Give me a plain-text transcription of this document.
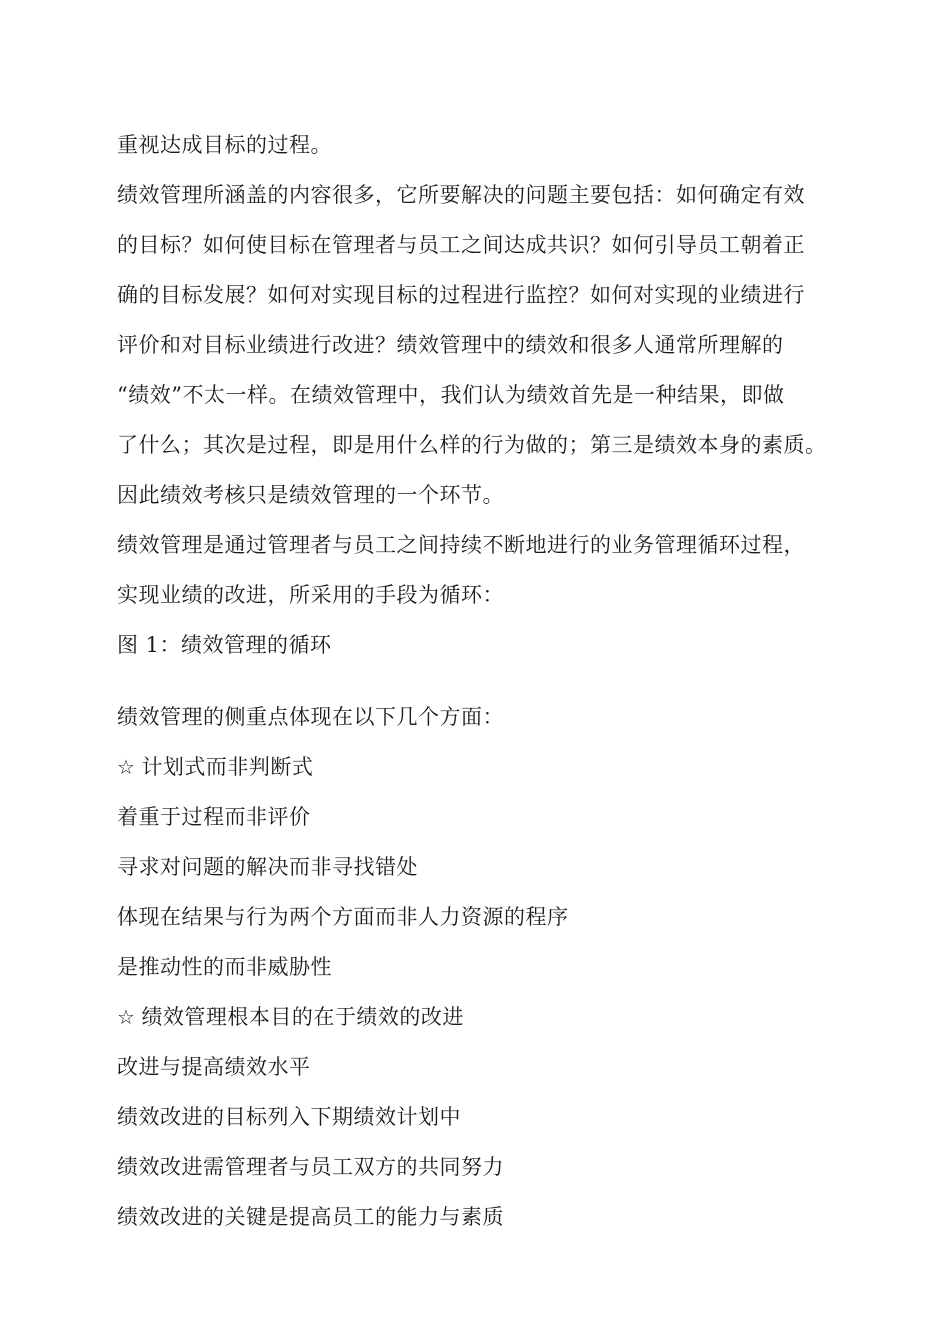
重视达成目标的过程。
绩效管理所涵盖的内容很多，它所要解决的问题主要包括：如何确定有效
的目标？如何使目标在管理者与员工之间达成共识？如何引导员工朝着正
确的目标发展？如何对实现目标的过程进行监控？如何对实现的业绩进行
评价和对目标业绩进行改进？绩效管理中的绩效和很多人通常所理解的
“绩效”不太一样。在绩效管理中，我们认为绩效首先是一种结果，即做
了什么；其次是过程，即是用什么样的行为做的；第三是绩效本身的素质。
因此绩效考核只是绩效管理的一个环节。
绩效管理是通过管理者与员工之间持续不断地进行的业务管理循环过程，
实现业绩的改进，所采用的手段为循环：
图 1：绩效管理的循环
绩效管理的侧重点体现在以下几个方面：
☆ 计划式而非判断式
着重于过程而非评价
寻求对问题的解决而非寻找错处
体现在结果与行为两个方面而非人力资源的程序
是推动性的而非威胁性
☆ 绩效管理根本目的在于绩效的改进
改进与提高绩效水平
绩效改进的目标列入下期绩效计划中
绩效改进需管理者与员工双方的共同努力
绩效改进的关键是提高员工的能力与素质
